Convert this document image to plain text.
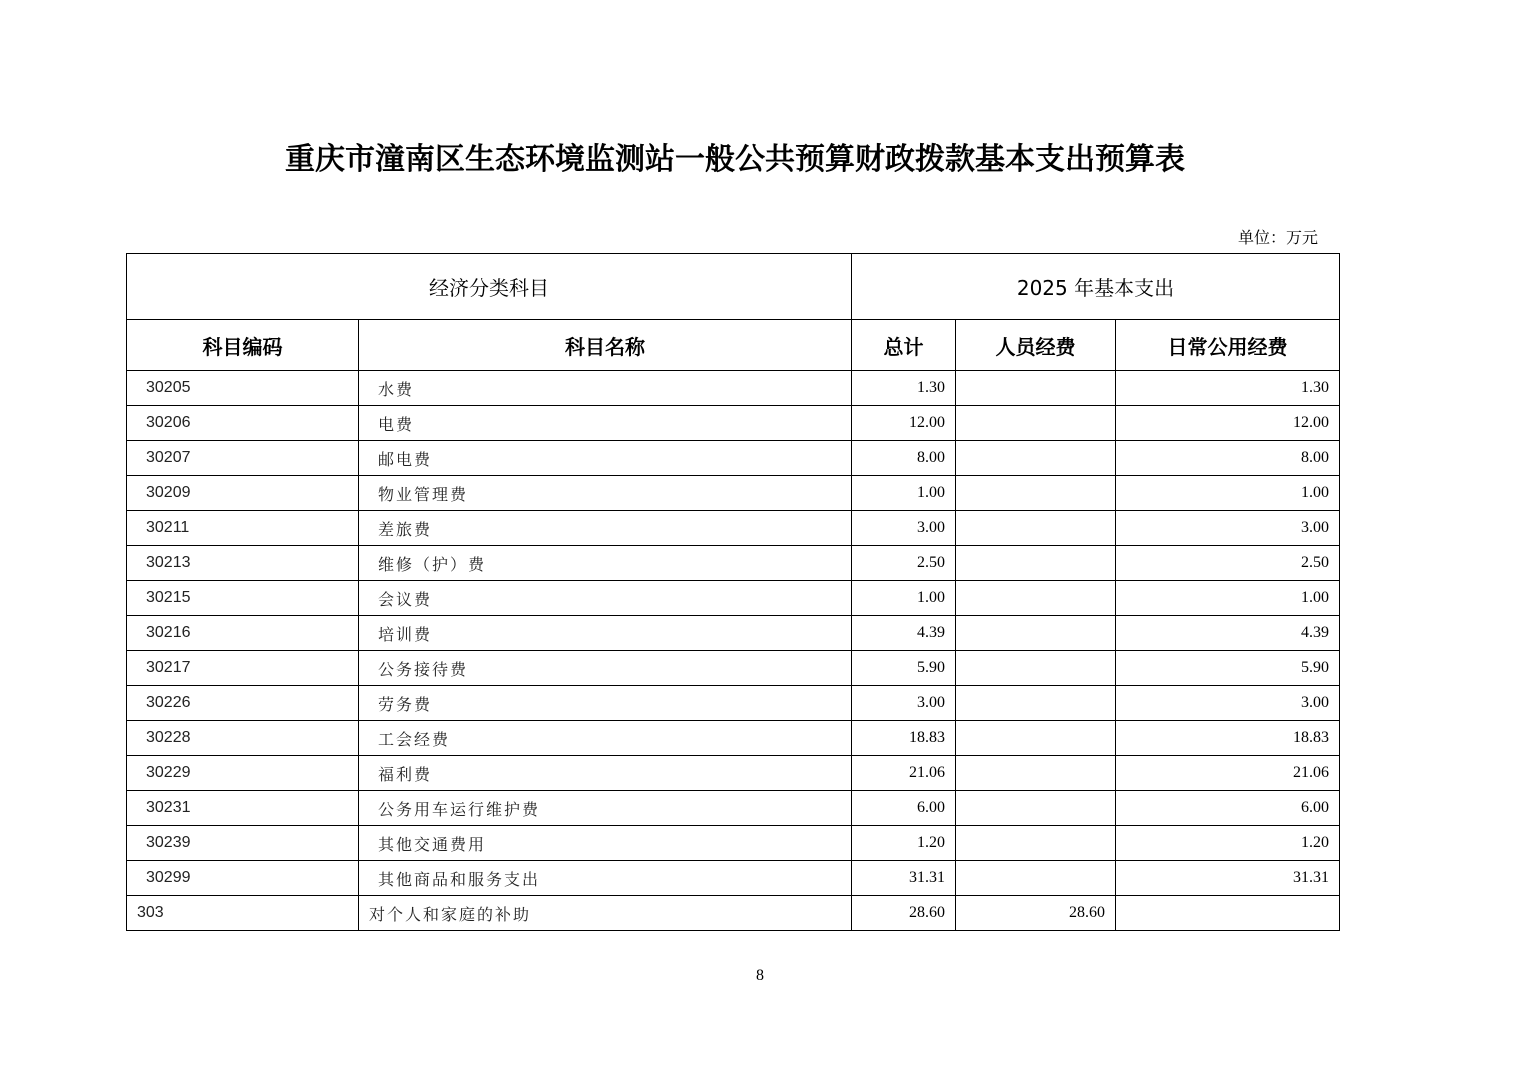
重庆市潼南区生态环境监测站一般公共预算财政拨款基本支出预算表
单位：万元
经济分类科目		2025 年基本支出		
科目编码	科目名称	总计	人员经费	日常公用经费
30205	水费	1.30		1.30
30206	电费	12.00		12.00
30207	邮电费	8.00		8.00
30209	物业管理费	1.00		1.00
30211	差旅费	3.00		3.00
30213	维修（护）费	2.50		2.50
30215	会议费	1.00		1.00
30216	培训费	4.39		4.39
30217	公务接待费	5.90		5.90
30226	劳务费	3.00		3.00
30228	工会经费	18.83		18.83
30229	福利费	21.06		21.06
30231	公务用车运行维护费	6.00		6.00
30239	其他交通费用	1.20		1.20
30299	其他商品和服务支出	31.31		31.31
303	对个人和家庭的补助	28.60	28.60	
8
